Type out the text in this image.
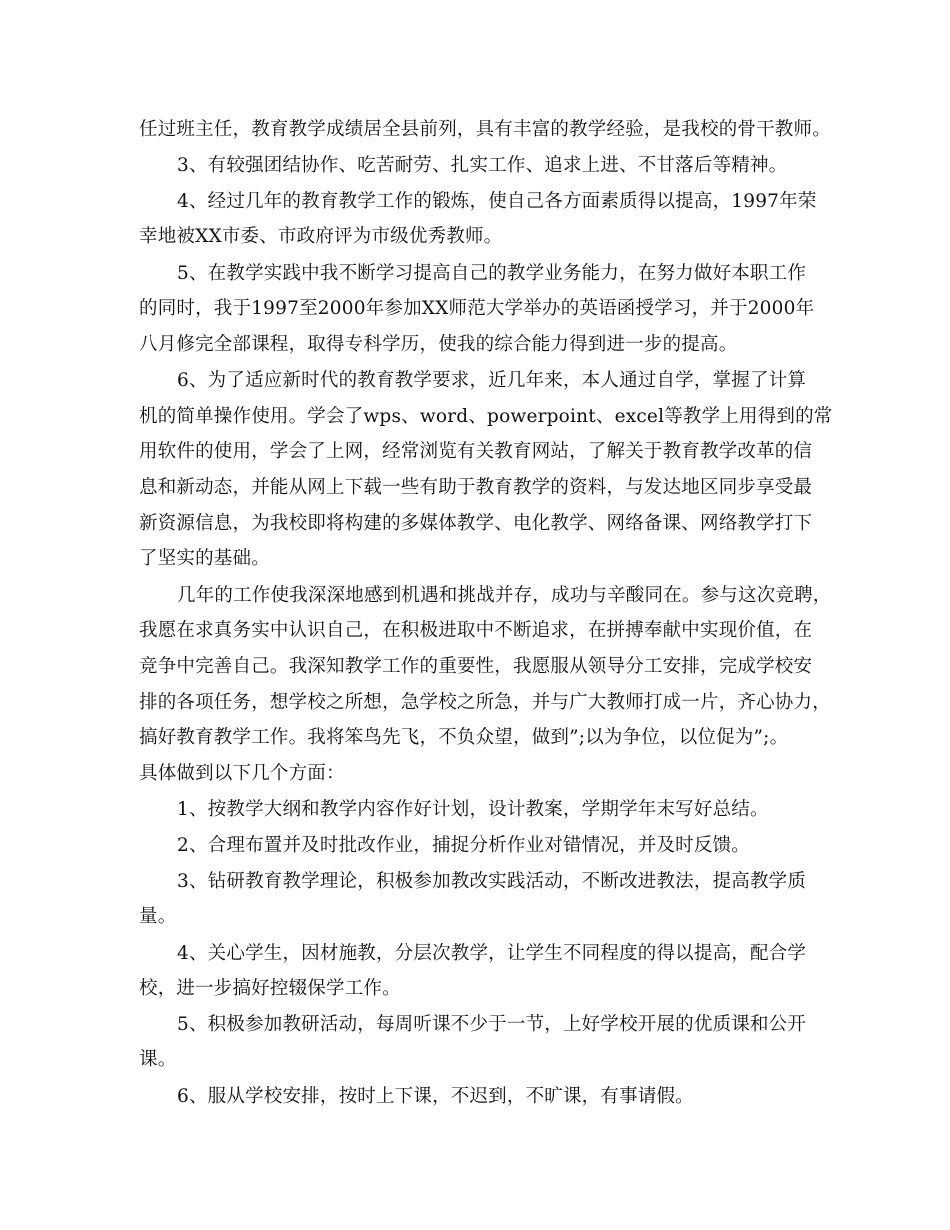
任过班主任，教育教学成绩居全县前列，具有丰富的教学经验，是我校的骨干教师。
3、有较强团结协作、吃苦耐劳、扎实工作、追求上进、不甘落后等精神。
4、经过几年的教育教学工作的锻炼，使自己各方面素质得以提高，1997年荣
幸地被XX市委、市政府评为市级优秀教师。
5、在教学实践中我不断学习提高自己的教学业务能力，在努力做好本职工作
的同时，我于1997至2000年参加XX师范大学举办的英语函授学习，并于2000年
八月修完全部课程，取得专科学历，使我的综合能力得到进一步的提高。
6、为了适应新时代的教育教学要求，近几年来，本人通过自学，掌握了计算
机的简单操作使用。学会了wps、word、powerpoint、excel等教学上用得到的常
用软件的使用，学会了上网，经常浏览有关教育网站，了解关于教育教学改革的信
息和新动态，并能从网上下载一些有助于教育教学的资料，与发达地区同步享受最
新资源信息，为我校即将构建的多媒体教学、电化教学、网络备课、网络教学打下
了坚实的基础。
几年的工作使我深深地感到机遇和挑战并存，成功与辛酸同在。参与这次竞聘，
我愿在求真务实中认识自己，在积极进取中不断追求，在拼搏奉献中实现价值，在
竞争中完善自己。我深知教学工作的重要性，我愿服从领导分工安排，完成学校安
排的各项任务，想学校之所想，急学校之所急，并与广大教师打成一片，齐心协力，
搞好教育教学工作。我将笨鸟先飞，不负众望，做到”;以为争位，以位促为”;。
具体做到以下几个方面：
1、按教学大纲和教学内容作好计划，设计教案，学期学年末写好总结。
2、合理布置并及时批改作业，捕捉分析作业对错情况，并及时反馈。
3、钻研教育教学理论，积极参加教改实践活动，不断改进教法，提高教学质
量。
4、关心学生，因材施教，分层次教学，让学生不同程度的得以提高，配合学
校，进一步搞好控辍保学工作。
5、积极参加教研活动，每周听课不少于一节，上好学校开展的优质课和公开
课。
6、服从学校安排，按时上下课，不迟到，不旷课，有事请假。
